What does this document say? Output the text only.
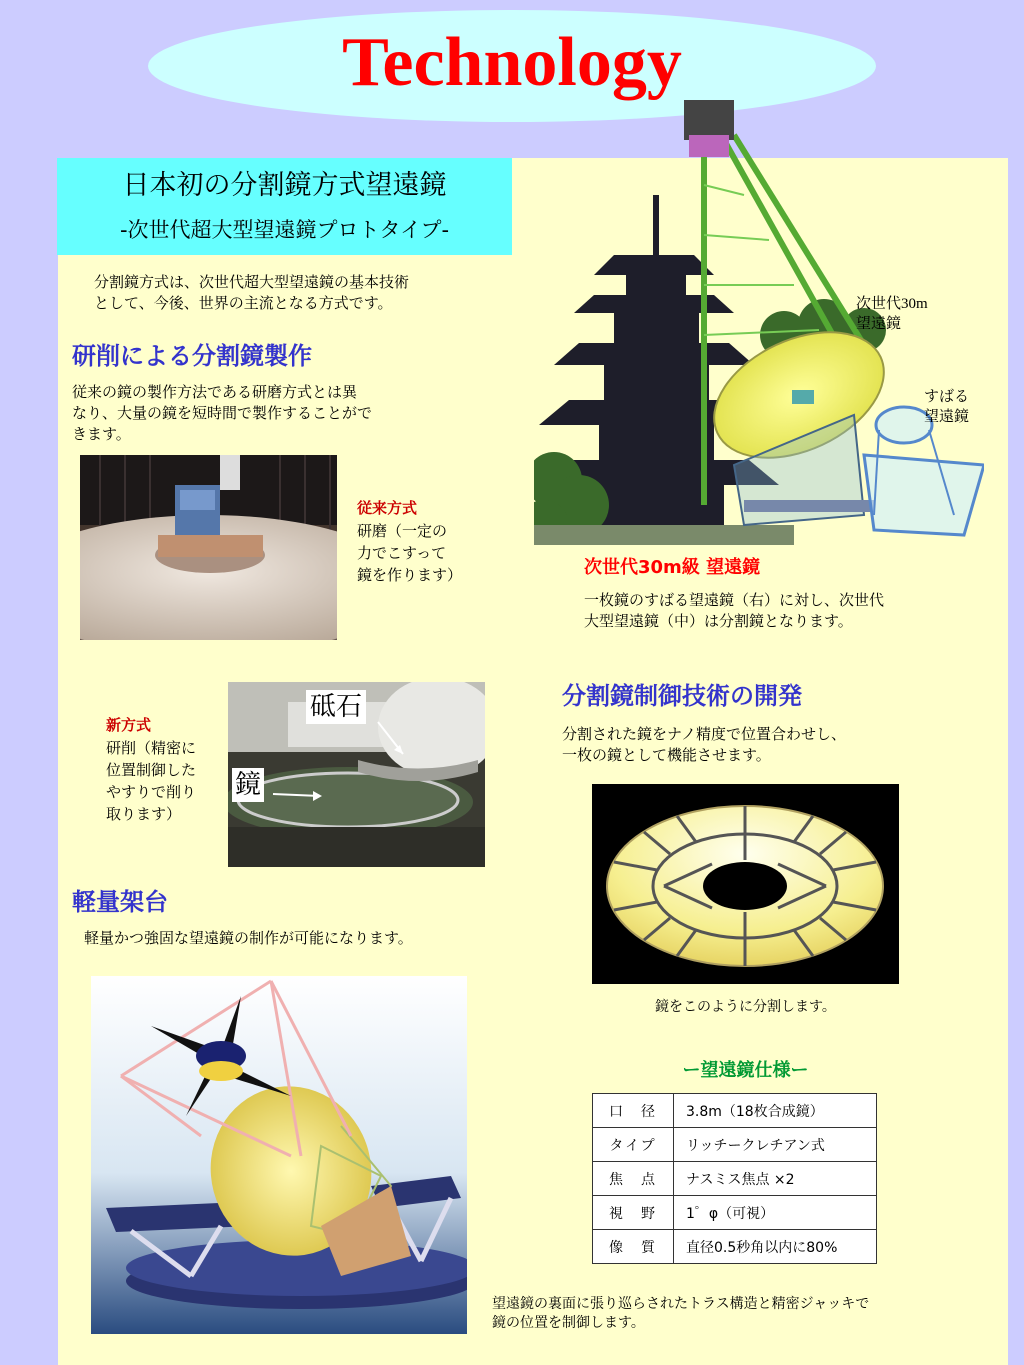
Technology
日本初の分割鏡方式望遠鏡
-次世代超大型望遠鏡プロトタイプ-
分割鏡方式は、次世代超大型望遠鏡の基本技術
として、今後、世界の主流となる方式です。
研削による分割鏡製作
従来の鏡の製作方法である研磨方式とは異
なり、大量の鏡を短時間で製作することがで
きます。
従来方式
研磨（一定の
力でこすって
鏡を作ります）
新方式
研削（精密に
位置制御した
やすりで削り
取ります）
砥石
鏡
軽量架台
軽量かつ強固な望遠鏡の制作が可能になります。
次世代30m
望遠鏡
すばる
望遠鏡
次世代30m級 望遠鏡
一枚鏡のすばる望遠鏡（右）に対し、次世代
大型望遠鏡（中）は分割鏡となります。
分割鏡制御技術の開発
分割された鏡をナノ精度で位置合わせし、
一枚の鏡として機能させます。
鏡をこのように分割します。
ー望遠鏡仕様ー
口　径	3.8m（18枚合成鏡）
タイプ	リッチークレチアン式
焦　点	ナスミス焦点 ×2
視　野	1゜φ（可視）
像　質	直径0.5秒角以内に80%
望遠鏡の裏面に張り巡らされたトラス構造と精密ジャッキで
鏡の位置を制御します。
